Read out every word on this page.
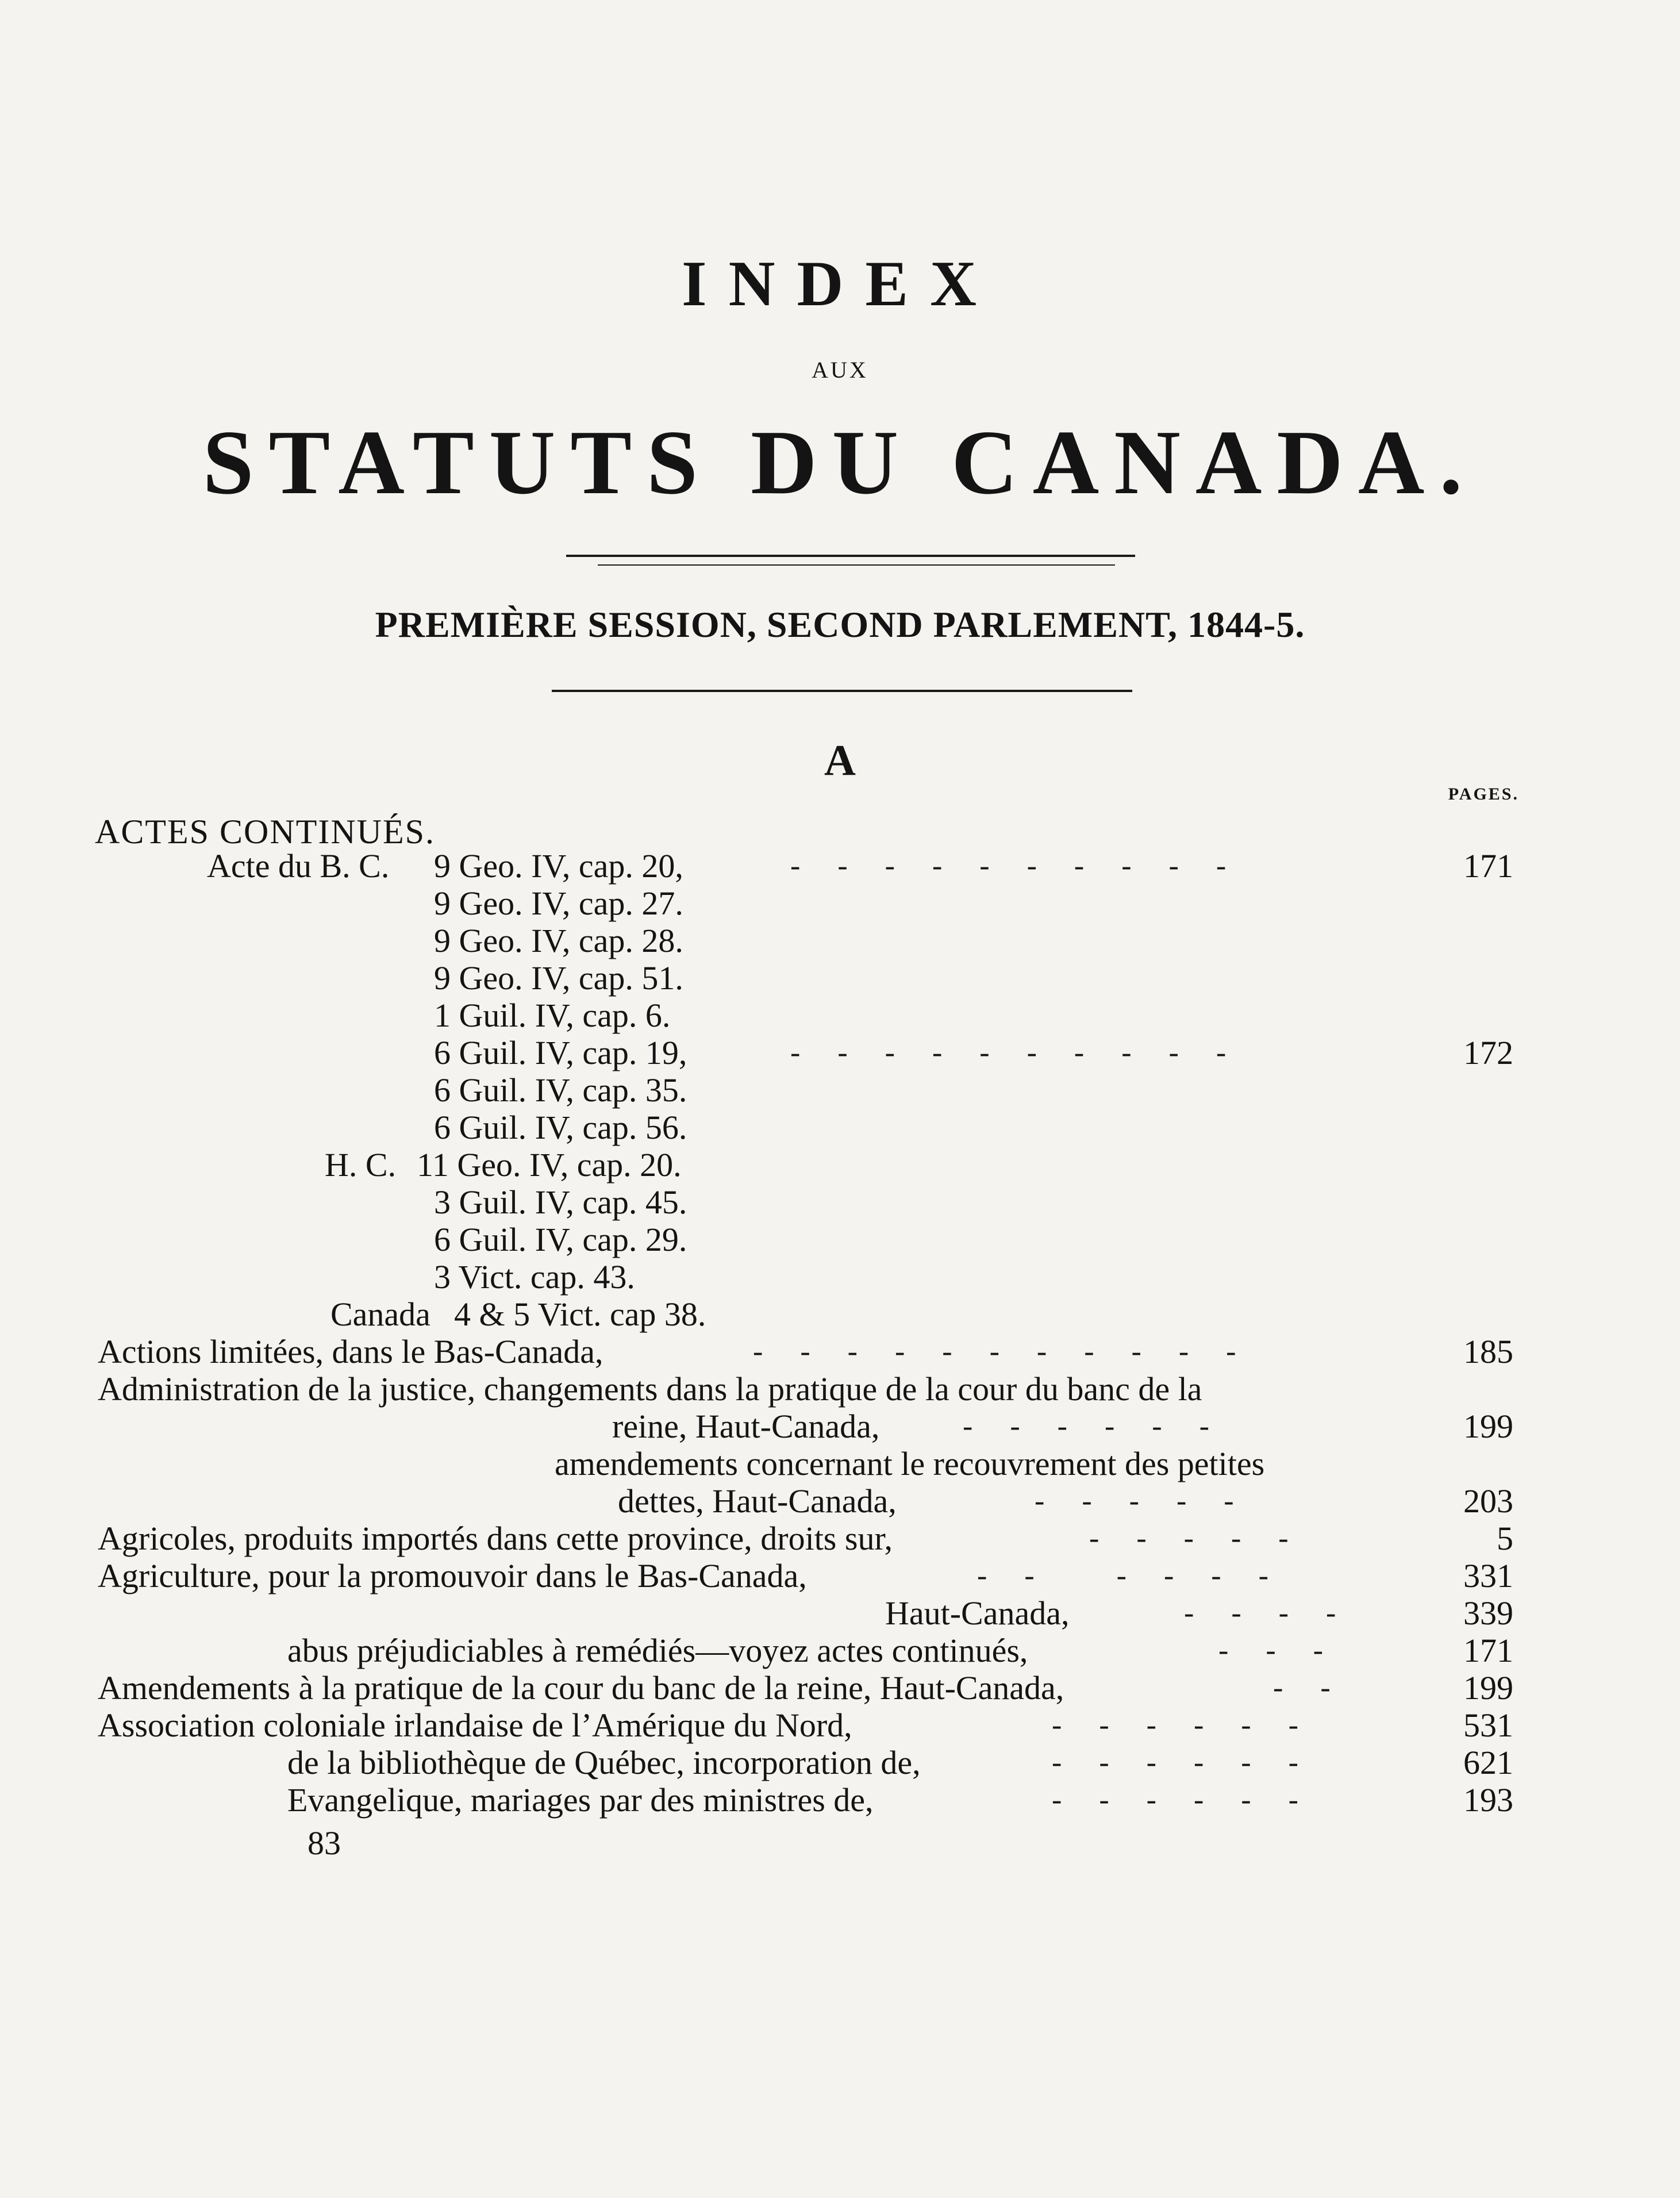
INDEX
AUX
STATUTS DU CANADA.
PREMIÈRE SESSION, SECOND PARLEMENT, 1844-5.
A
PAGES.
ACTES CONTINUÉS.
Acte du B. C. 9 Geo. IV, cap. 20,	-     -     -     -     -     -     -     -     -     -	171
9 Geo. IV, cap. 27.
9 Geo. IV, cap. 28.
9 Geo. IV, cap. 51.
1 Guil. IV, cap. 6.
6 Guil. IV, cap. 19,	-     -     -     -     -     -     -     -     -     -	172
6 Guil. IV, cap. 35.
6 Guil. IV, cap. 56.
H. C. 11 Geo. IV, cap. 20.
3 Guil. IV, cap. 45.
6 Guil. IV, cap. 29.
3 Vict. cap. 43.
Canada 4 & 5 Vict. cap 38.
Actions limitées, dans le Bas-Canada,	-     -     -     -     -     -     -     -     -     -     -	185
Administration de la justice, changements dans la pratique de la cour du banc de la
reine, Haut-Canada,	-     -     -     -     -     -	199
amendements concernant le recouvrement des petites
dettes, Haut-Canada,	-     -     -     -     -	203
Agricoles, produits importés dans cette province, droits sur,	-     -     -     -     -	5
Agriculture, pour la promouvoir dans le Bas-Canada,	-     -           -     -     -     -	331
Haut-Canada,	-     -     -     -	339
abus préjudiciables à remédiés—voyez actes continués,	-     -     -	171
Amendements à la pratique de la cour du banc de la reine, Haut-Canada,	-     -	199
Association coloniale irlandaise de l’Amérique du Nord,	-     -     -     -     -     -	531
de la bibliothèque de Québec, incorporation de,	-     -     -     -     -     -	621
Evangelique, mariages par des ministres de,	-     -     -     -     -     -	193
83
